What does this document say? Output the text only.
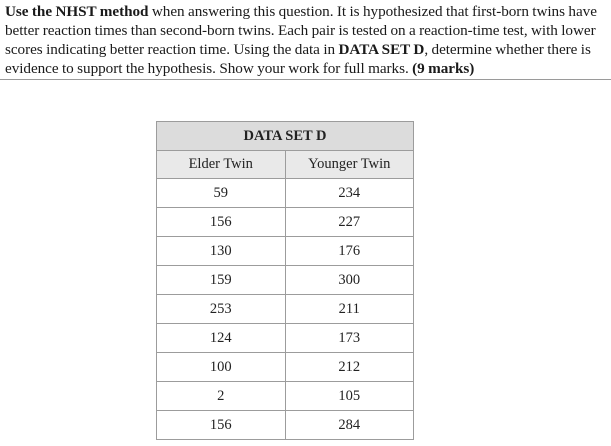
Use the NHST method when answering this question. It is hypothesized that first-born twins have better reaction times than second-born twins. Each pair is tested on a reaction-time test, with lower scores indicating better reaction time. Using the data in DATA SET D, determine whether there is evidence to support the hypothesis. Show your work for full marks. (9 marks)
DATA SET D	
Elder Twin	Younger Twin
59	234
156	227
130	176
159	300
253	211
124	173
100	212
2	105
156	284
